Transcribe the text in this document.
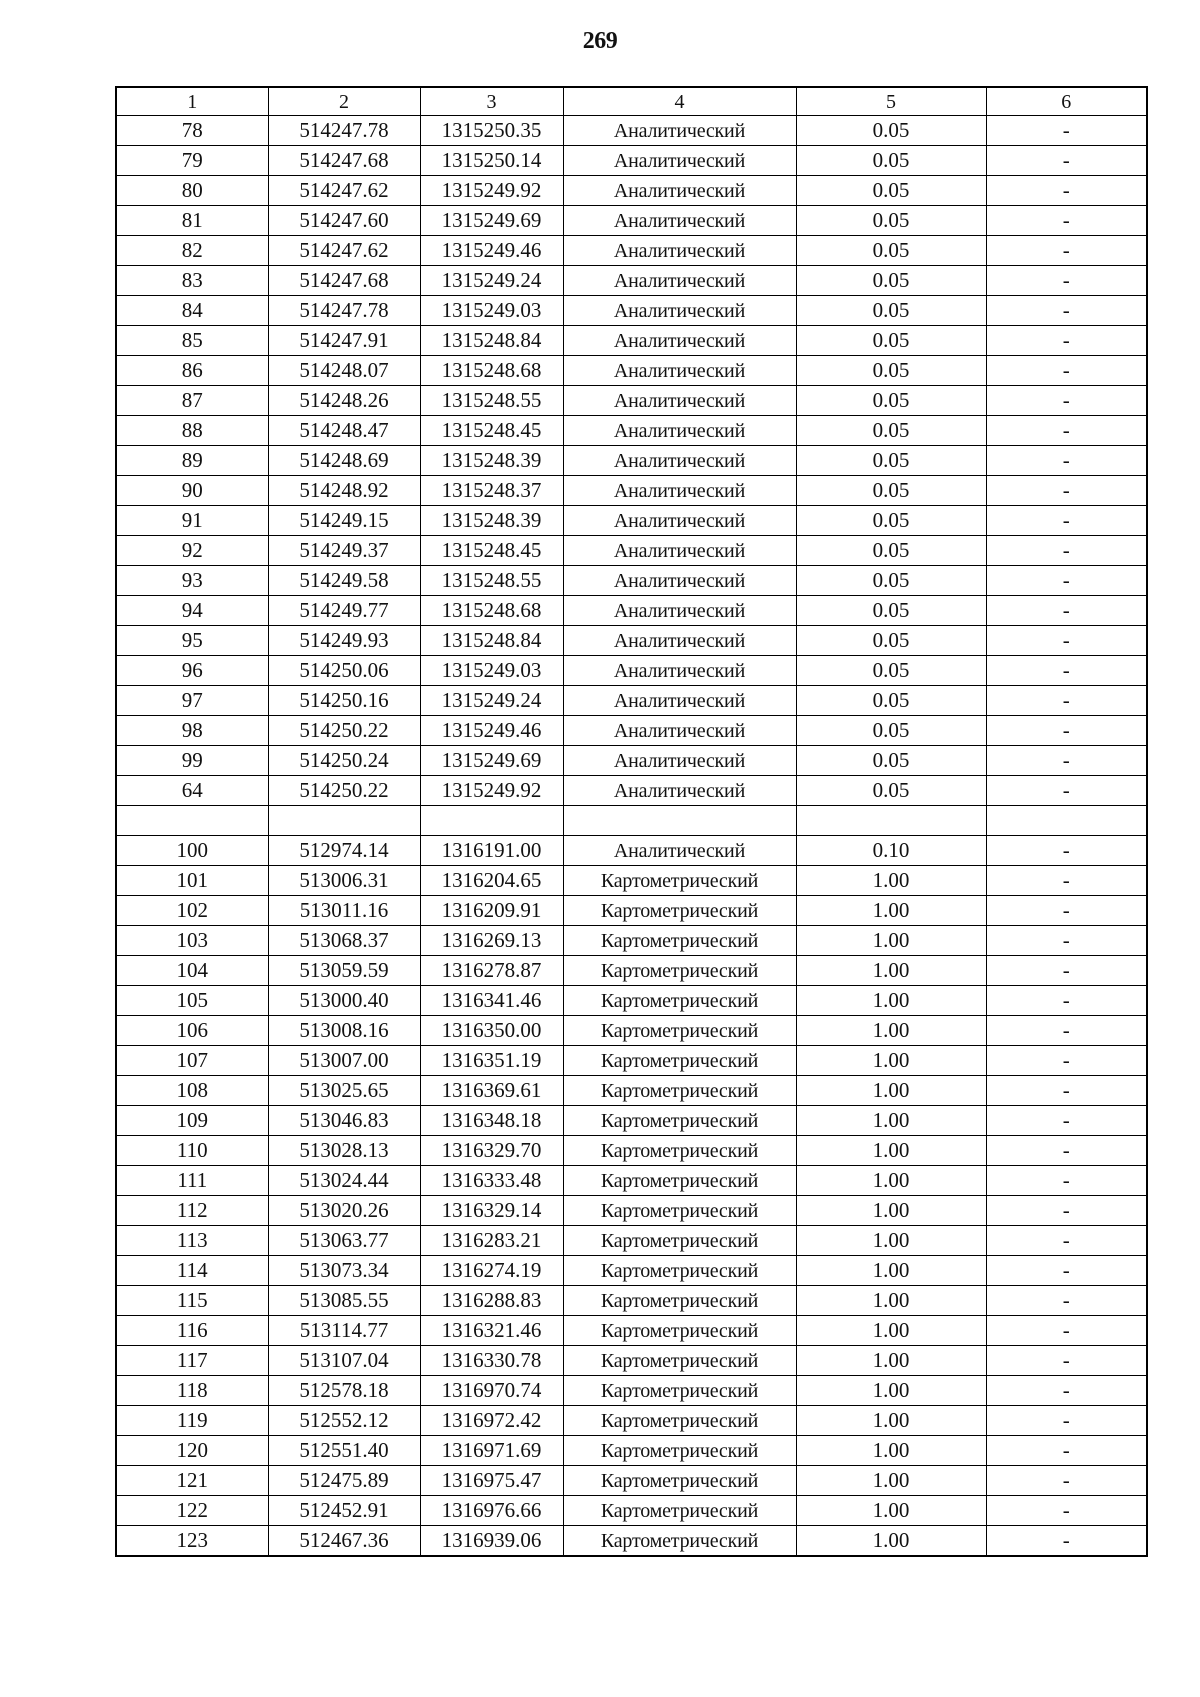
269
1	2	3	4	5	6
78	514247.78	1315250.35	Аналитический	0.05	-
79	514247.68	1315250.14	Аналитический	0.05	-
80	514247.62	1315249.92	Аналитический	0.05	-
81	514247.60	1315249.69	Аналитический	0.05	-
82	514247.62	1315249.46	Аналитический	0.05	-
83	514247.68	1315249.24	Аналитический	0.05	-
84	514247.78	1315249.03	Аналитический	0.05	-
85	514247.91	1315248.84	Аналитический	0.05	-
86	514248.07	1315248.68	Аналитический	0.05	-
87	514248.26	1315248.55	Аналитический	0.05	-
88	514248.47	1315248.45	Аналитический	0.05	-
89	514248.69	1315248.39	Аналитический	0.05	-
90	514248.92	1315248.37	Аналитический	0.05	-
91	514249.15	1315248.39	Аналитический	0.05	-
92	514249.37	1315248.45	Аналитический	0.05	-
93	514249.58	1315248.55	Аналитический	0.05	-
94	514249.77	1315248.68	Аналитический	0.05	-
95	514249.93	1315248.84	Аналитический	0.05	-
96	514250.06	1315249.03	Аналитический	0.05	-
97	514250.16	1315249.24	Аналитический	0.05	-
98	514250.22	1315249.46	Аналитический	0.05	-
99	514250.24	1315249.69	Аналитический	0.05	-
64	514250.22	1315249.92	Аналитический	0.05	-

100	512974.14	1316191.00	Аналитический	0.10	-
101	513006.31	1316204.65	Картометрический	1.00	-
102	513011.16	1316209.91	Картометрический	1.00	-
103	513068.37	1316269.13	Картометрический	1.00	-
104	513059.59	1316278.87	Картометрический	1.00	-
105	513000.40	1316341.46	Картометрический	1.00	-
106	513008.16	1316350.00	Картометрический	1.00	-
107	513007.00	1316351.19	Картометрический	1.00	-
108	513025.65	1316369.61	Картометрический	1.00	-
109	513046.83	1316348.18	Картометрический	1.00	-
110	513028.13	1316329.70	Картометрический	1.00	-
111	513024.44	1316333.48	Картометрический	1.00	-
112	513020.26	1316329.14	Картометрический	1.00	-
113	513063.77	1316283.21	Картометрический	1.00	-
114	513073.34	1316274.19	Картометрический	1.00	-
115	513085.55	1316288.83	Картометрический	1.00	-
116	513114.77	1316321.46	Картометрический	1.00	-
117	513107.04	1316330.78	Картометрический	1.00	-
118	512578.18	1316970.74	Картометрический	1.00	-
119	512552.12	1316972.42	Картометрический	1.00	-
120	512551.40	1316971.69	Картометрический	1.00	-
121	512475.89	1316975.47	Картометрический	1.00	-
122	512452.91	1316976.66	Картометрический	1.00	-
123	512467.36	1316939.06	Картометрический	1.00	-
